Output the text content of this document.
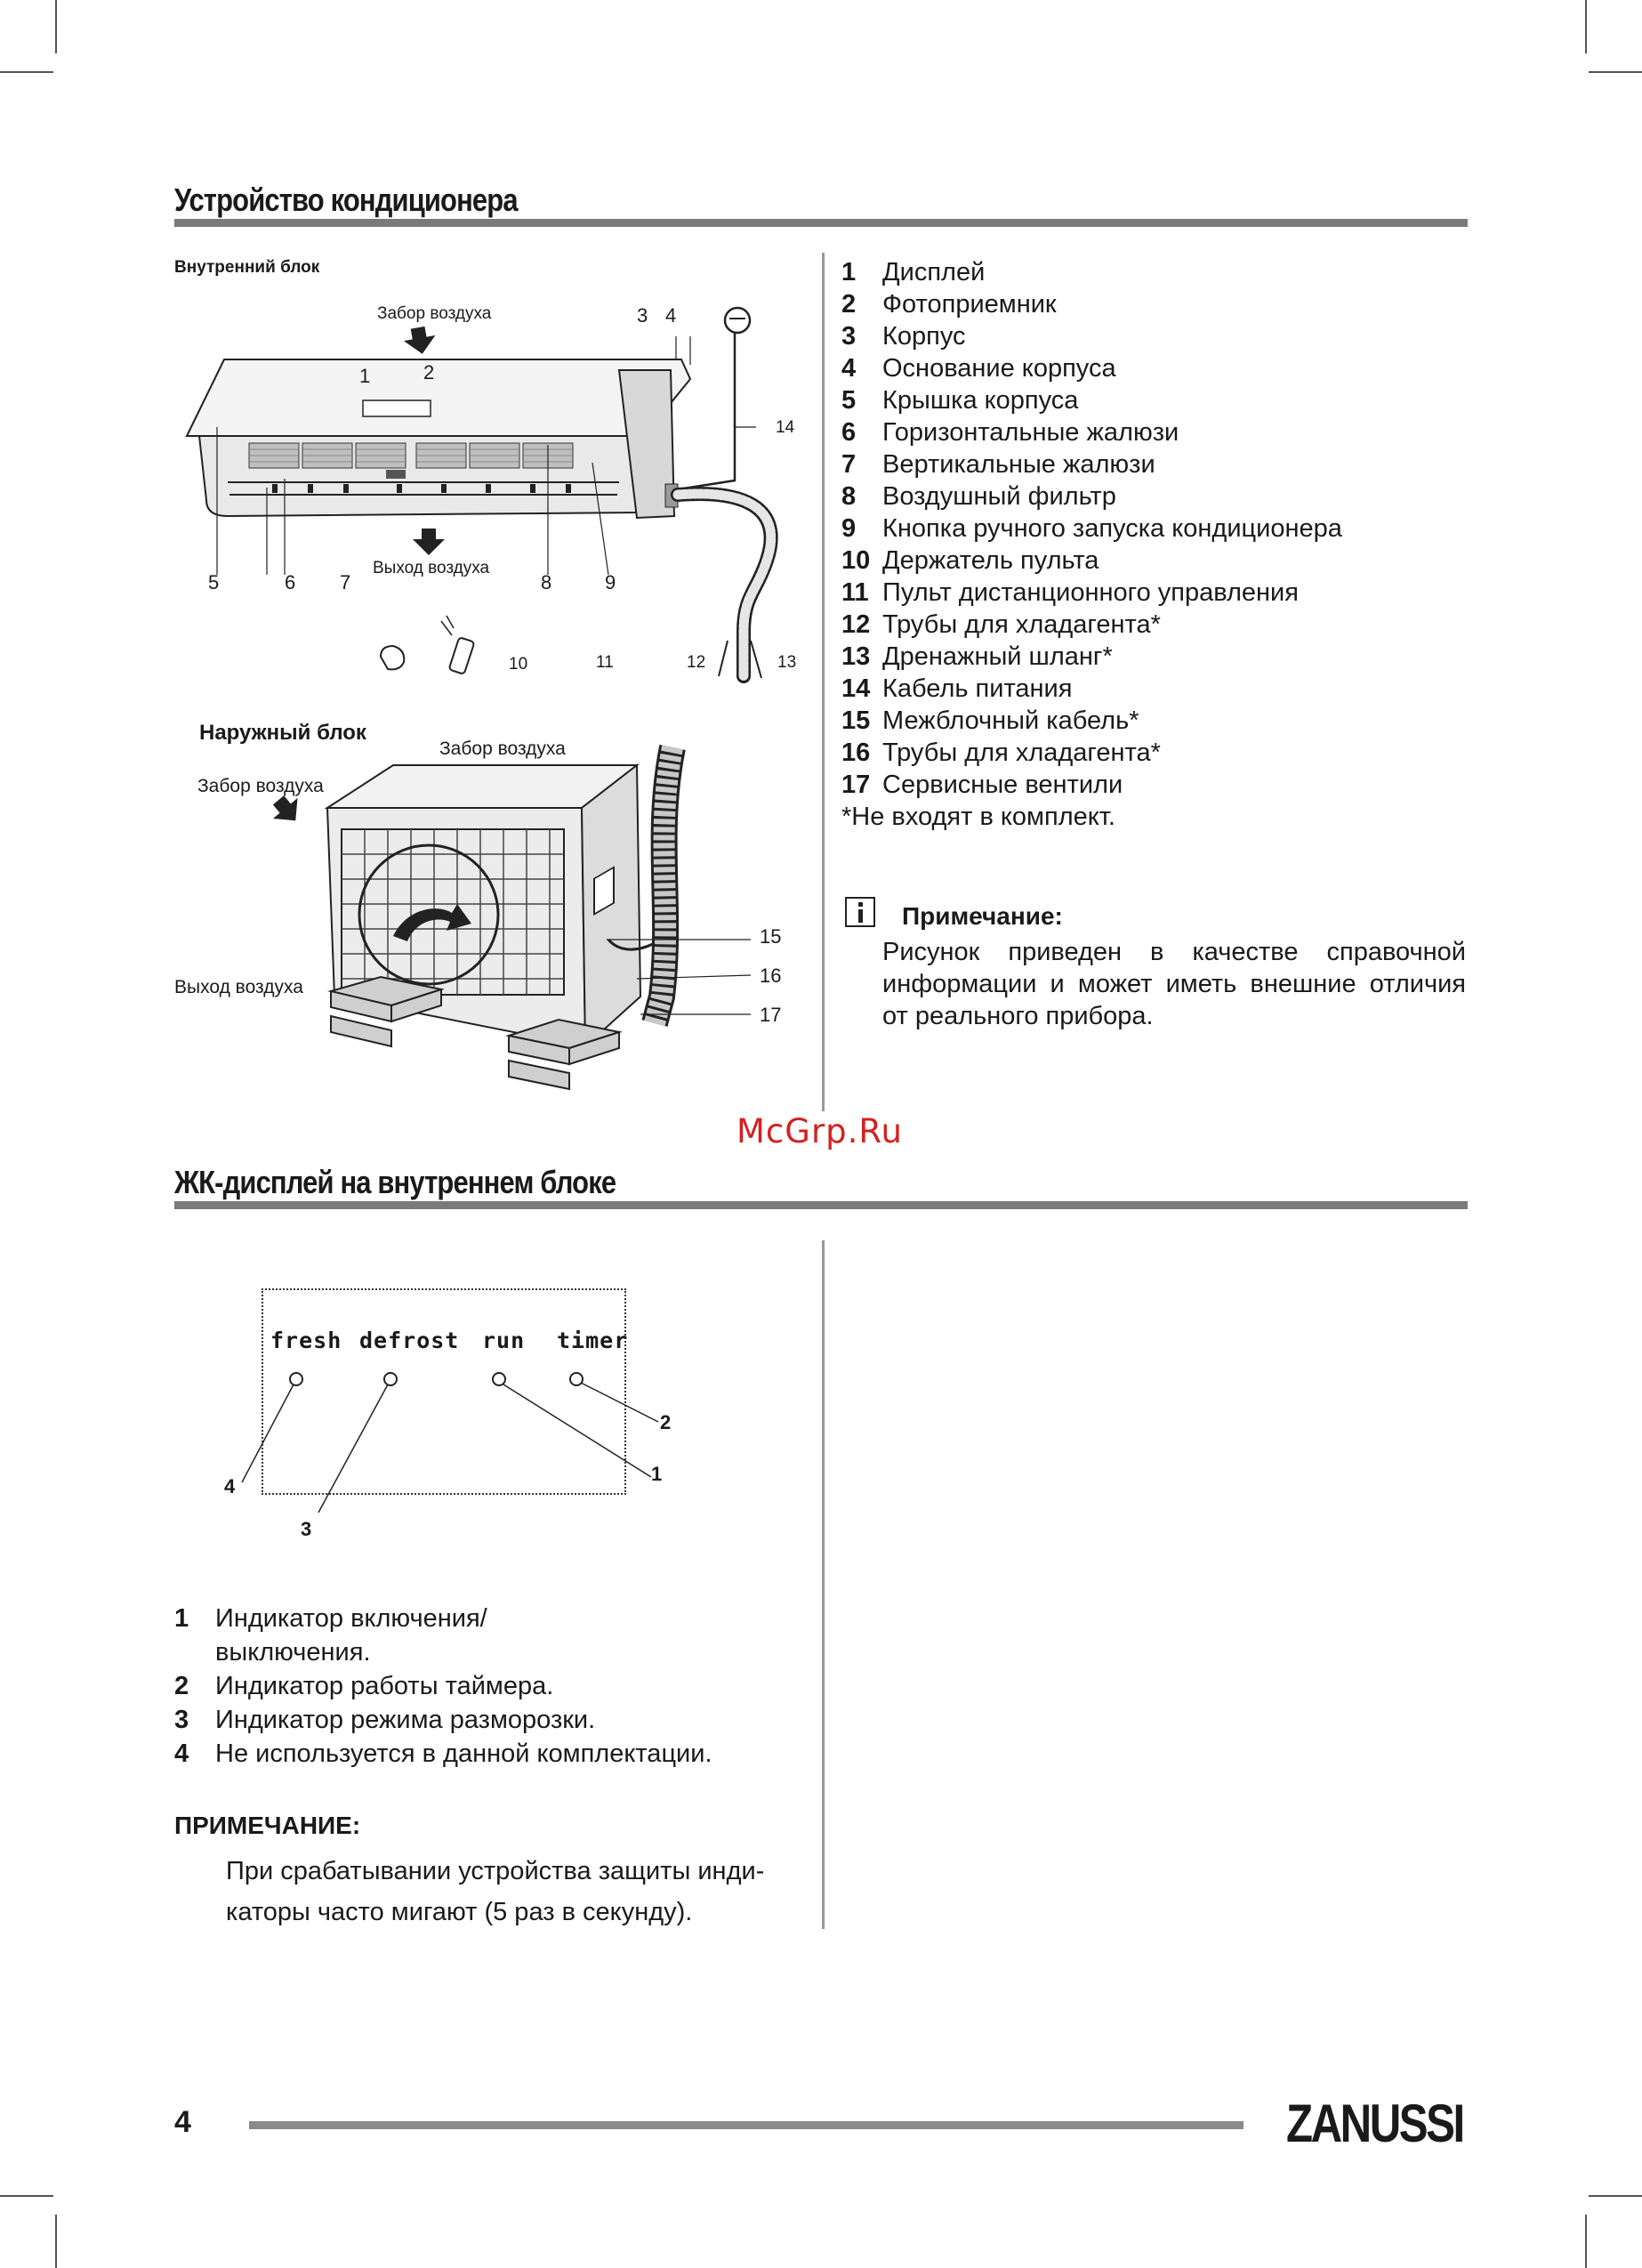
Устройство кондиционера
Внутренний блок
Забор воздуха
Выход воздуха
1	2
3 4
5	6 7	8	9
10	11	12	13
14
Наружный блок
Забор воздуха
Забор воздуха
Выход воздуха
15
16
17
1 Дисплей
2 Фотоприемник
3 Корпус
4 Основание корпуса
5 Крышка корпуса
6 Горизонтальные жалюзи
7 Вертикальные жалюзи
8 Воздушный фильтр
9 Кнопка ручного запуска кондиционера
10 Держатель пульта
11 Пульт дистанционного управления
12 Трубы для хладагента*
13 Дренажный шланг*
14 Кабель питания
15 Межблочный кабель*
16 Трубы для хладагента*
17 Сервисные вентили
*Не входят в комплект.
Примечание:
Рисунок приведен в качестве справочной
информации и может иметь внешние отличия
от реального прибора.
McGrp.Ru
ЖК-дисплей на внутреннем блоке
fresh defrost run timer
2
1
3
4
1 Индикатор включения/
выключения.
2 Индикатор работы таймера.
3 Индикатор режима разморозки.
4 Не используется в данной комплектации.
ПРИМЕЧАНИЕ:
При срабатывании устройства защиты инди-
каторы часто мигают (5 раз в секунду).
4	ZANUSSI
